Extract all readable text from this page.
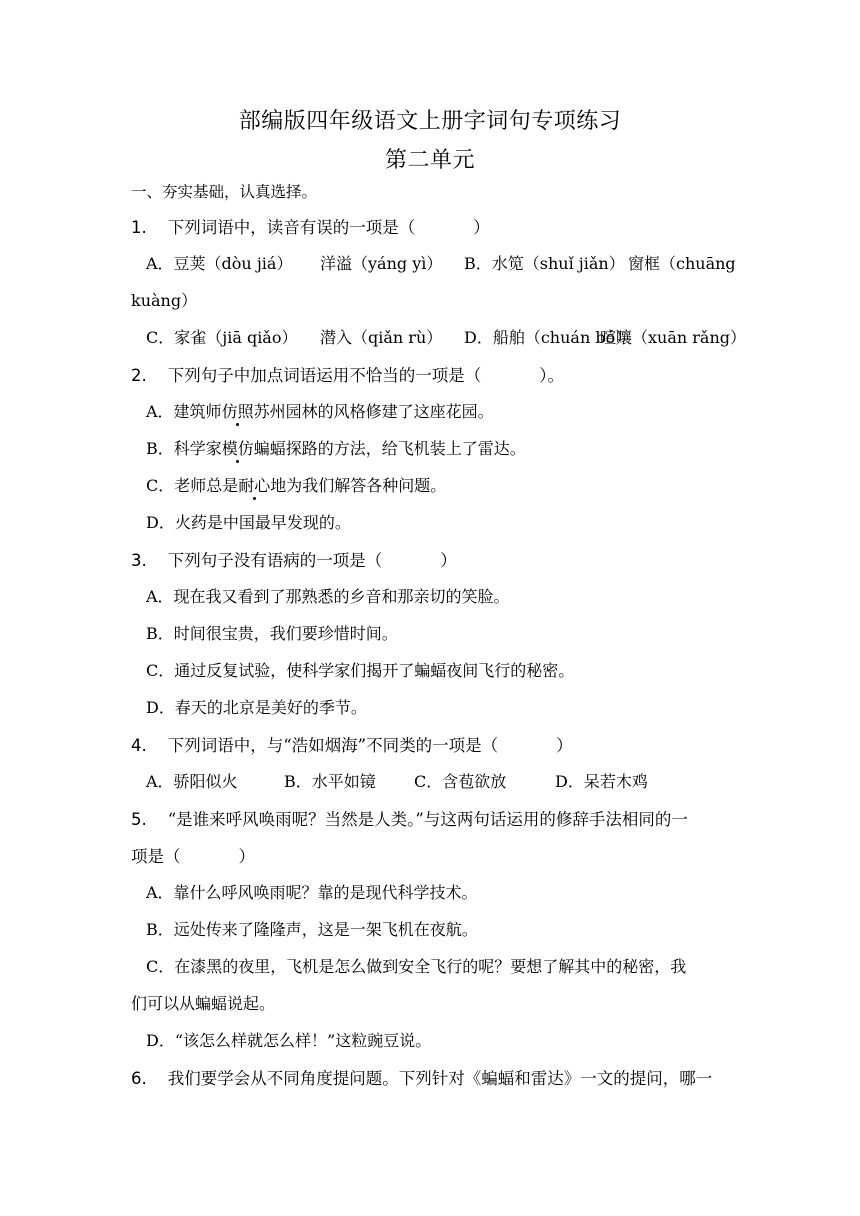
部编版四年级语文上册字词句专项练习
第二单元
一、夯实基础，认真选择。
1. 下列词语中，读音有误的一项是（	）
A．豆荚（dòu jiá） 洋溢（yáng yì） B．水笕（shuǐ jiǎn） 窗框（chuāng
kuàng）
C．家雀（jiā qiǎo） 潜入（qiǎn rù） D．船舶（chuán bó）
喧嚷（xuān rǎng）
2. 下列句子中加点词语运用不恰当的一项是（	）。
A．建筑师仿照苏州园林的风格修建了这座花园。
B．科学家模仿蝙蝠探路的方法，给飞机装上了雷达。
C．老师总是耐心地为我们解答各种问题。
D．火药是中国最早发现的。
3. 下列句子没有语病的一项是（	）
A．现在我又看到了那熟悉的乡音和那亲切的笑脸。
B．时间很宝贵，我们要珍惜时间。
C．通过反复试验，使科学家们揭开了蝙蝠夜间飞行的秘密。
D．春天的北京是美好的季节。
4. 下列词语中，与“浩如烟海”不同类的一项是（	）
A．骄阳似火	B．水平如镜 C．含苞欲放	D．呆若木鸡
5. “是谁来呼风唤雨呢？当然是人类。”与这两句话运用的修辞手法相同的一
项是（	）
A．靠什么呼风唤雨呢？靠的是现代科学技术。
B．远处传来了隆隆声，这是一架飞机在夜航。
C．在漆黑的夜里，飞机是怎么做到安全飞行的呢？要想了解其中的秘密，我
们可以从蝙蝠说起。
D．“该怎么样就怎么样！”这粒豌豆说。
6. 我们要学会从不同角度提问题。下列针对《蝙蝠和雷达》一文的提问，哪一
